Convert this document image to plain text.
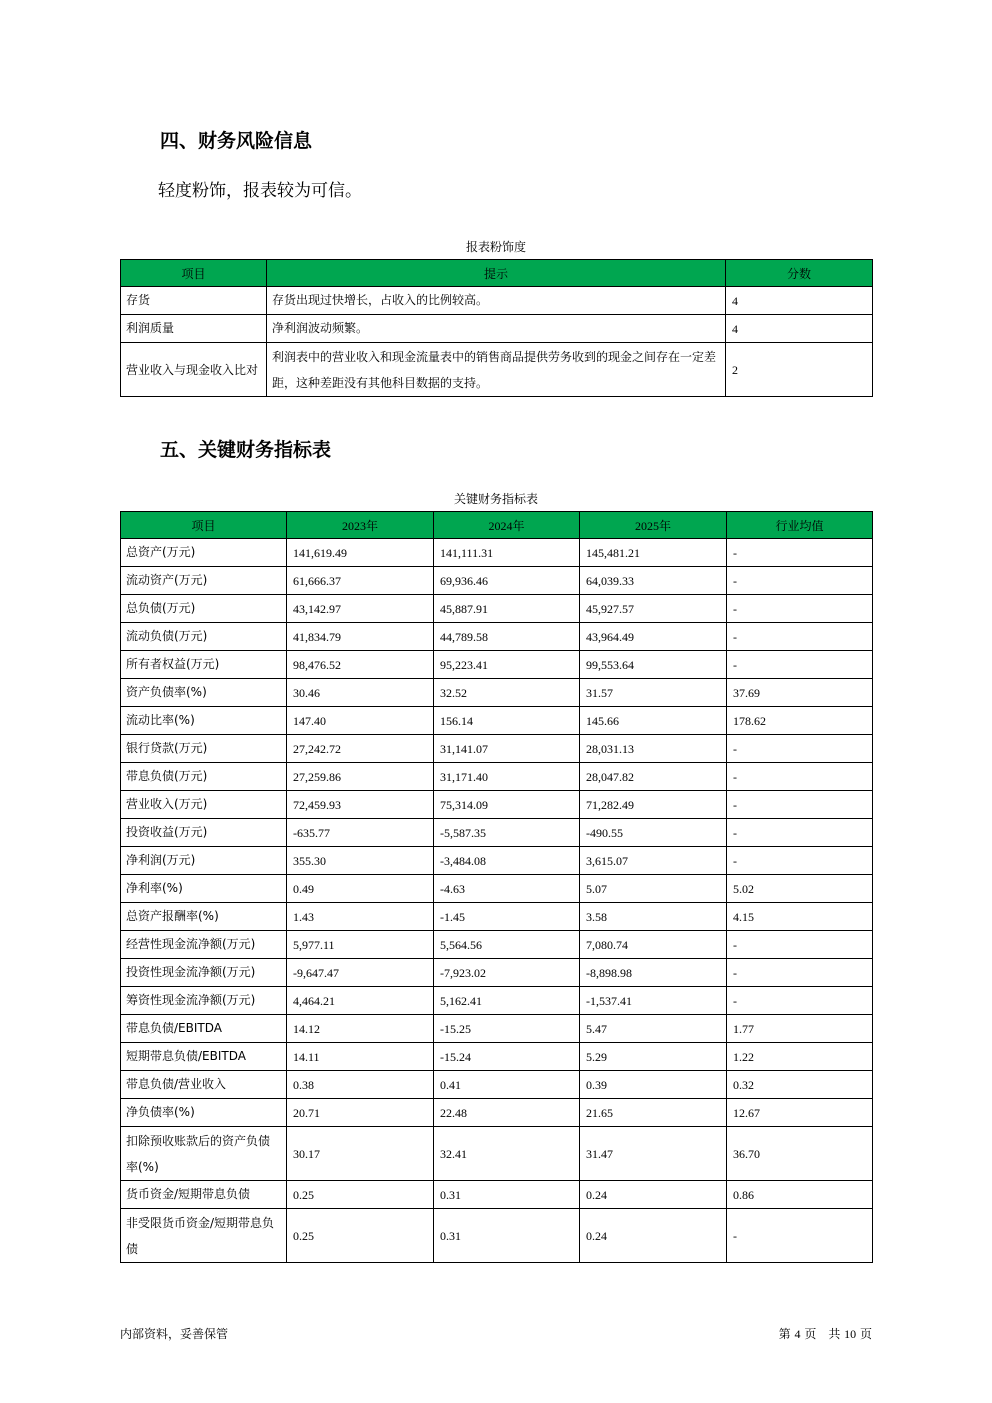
四、财务风险信息

轻度粉饰，报表较为可信。

报表粉饰度
项目	提示	分数
存货	存货出现过快增长，占收入的比例较高。	4
利润质量	净利润波动频繁。	4
营业收入与现金收入比对	利润表中的营业收入和现金流量表中的销售商品提供劳务收到的现金之间存在一定差距，这种差距没有其他科目数据的支持。	2
五、关键财务指标表
关键财务指标表
项目	2023年	2024年	2025年	行业均值
总资产(万元)	141,619.49	141,111.31	145,481.21	-
流动资产(万元)	61,666.37	69,936.46	64,039.33	-
总负债(万元)	43,142.97	45,887.91	45,927.57	-
流动负债(万元)	41,834.79	44,789.58	43,964.49	-
所有者权益(万元)	98,476.52	95,223.41	99,553.64	-
资产负债率(%)	30.46	32.52	31.57	37.69
流动比率(%)	147.40	156.14	145.66	178.62
银行贷款(万元)	27,242.72	31,141.07	28,031.13	-
带息负债(万元)	27,259.86	31,171.40	28,047.82	-
营业收入(万元)	72,459.93	75,314.09	71,282.49	-
投资收益(万元)	-635.77	-5,587.35	-490.55	-
净利润(万元)	355.30	-3,484.08	3,615.07	-
净利率(%)	0.49	-4.63	5.07	5.02
总资产报酬率(%)	1.43	-1.45	3.58	4.15
经营性现金流净额(万元)	5,977.11	5,564.56	7,080.74	-
投资性现金流净额(万元)	-9,647.47	-7,923.02	-8,898.98	-
筹资性现金流净额(万元)	4,464.21	5,162.41	-1,537.41	-
带息负债/EBITDA	14.12	-15.25	5.47	1.77
短期带息负债/EBITDA	14.11	-15.24	5.29	1.22
带息负债/营业收入	0.38	0.41	0.39	0.32
净负债率(%)	20.71	22.48	21.65	12.67
扣除预收账款后的资产负债率(%)	30.17	32.41	31.47	36.70
货币资金/短期带息负债	0.25	0.31	0.24	0.86
非受限货币资金/短期带息负债	0.25	0.31	0.24	-
内部资料，妥善保管	第 4 页　共 10 页
